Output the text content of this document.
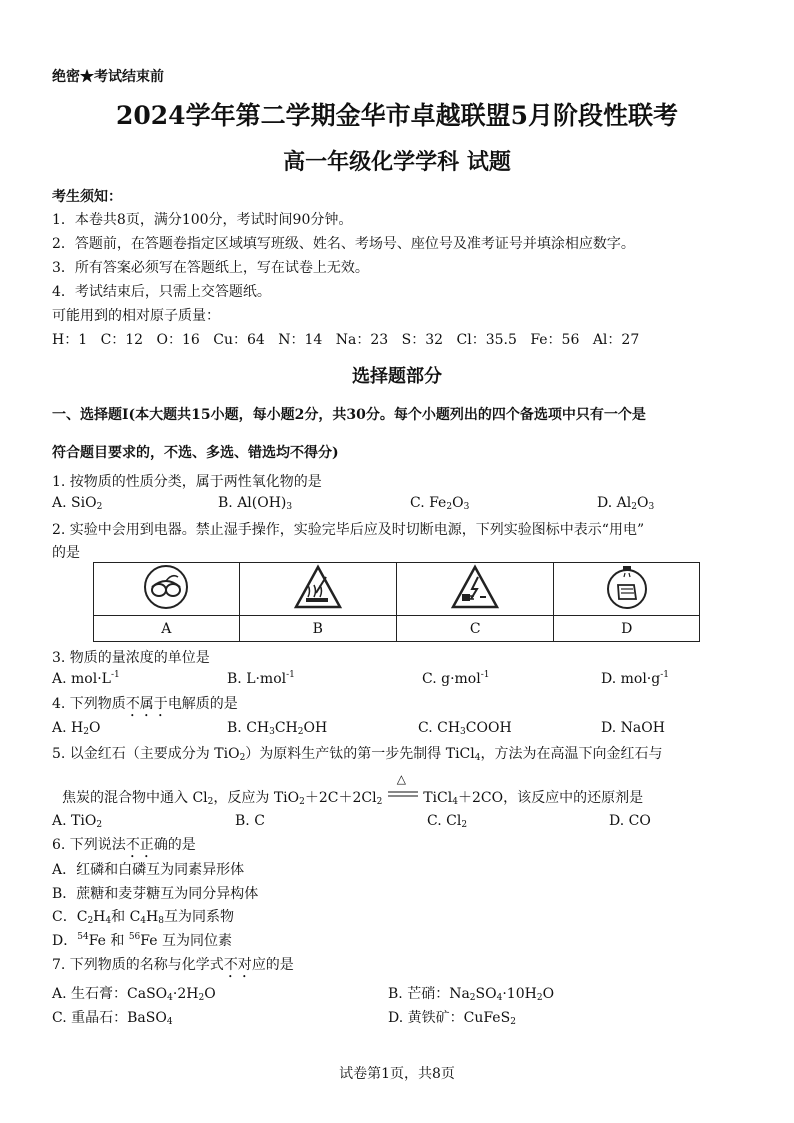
绝密★考试结束前
2024学年第二学期金华市卓越联盟5月阶段性联考
高一年级化学学科 试题
考生须知：
1．本卷共8页，满分100分，考试时间90分钟。
2．答题前，在答题卷指定区域填写班级、姓名、考场号、座位号及准考证号并填涂相应数字。
3．所有答案必须写在答题纸上，写在试卷上无效。
4．考试结束后，只需上交答题纸。
可能用到的相对原子质量：
H：1 C：12 O：16 Cu：64 N：14 Na：23 S：32 Cl：35.5 Fe：56 Al：27
选择题部分
一、选择题Ⅰ(本大题共15小题，每小题2分，共30分。每个小题列出的四个备选项中只有一个是
符合题目要求的，不选、多选、错选均不得分)
1. 按物质的性质分类，属于两性氧化物的是
A. SiO$_2$	B. $Al(OH)_3$	C. $Fe_2O_3$	D. $Al_2O_3$
2. 实验中会用到电器。禁止湿手操作，实验完毕后应及时切断电源，下列实验图标中表示“用电”
的是

A	B	C	D
3. 物质的量浓度的单位是
A. $mol\cdot L^{-1}$	B. L·mol$^{-1}$	C. g·mol$^{-1}$	D. $mol\cdot g^{-1}$
4. 下列物质不属于电解质的是
A. $H_2O$	B. $CH_3CH_2OH$	C. $CH_3COOH$	D. NaOH
5. 以金红石（主要成分为 TiO$_2$）为原料生产钛的第一步先制得 TiCl$_4$，方法为在高温下向金红石与
焦炭的混合物中通入 $Cl_2$，反应为 $TiO_2+2C+2Cl_2$
△
TiCl$_4$＋2CO，该反应中的还原剂是
A. TiO$_2$	B. C	C. $Cl_2$	D. CO
6. 下列说法不正确的是
A．红磷和白磷互为同素异形体
B．蔗糖和麦芽糖互为同分异构体
C．$C_2H_4$和 $C_4H_8$互为同系物
D．$^{54}$Fe 和 $^{56}$Fe 互为同位素
7. 下列物质的名称与化学式不对应的是
A. 生石膏：$CaSO_4\cdot 2H_2O$	B. 芒硝：$Na_2SO_4\cdot 10H_2O$
C. 重晶石：BaSO$_4$	D. 黄铁矿：CuFeS$_2$
试卷第1页，共8页
